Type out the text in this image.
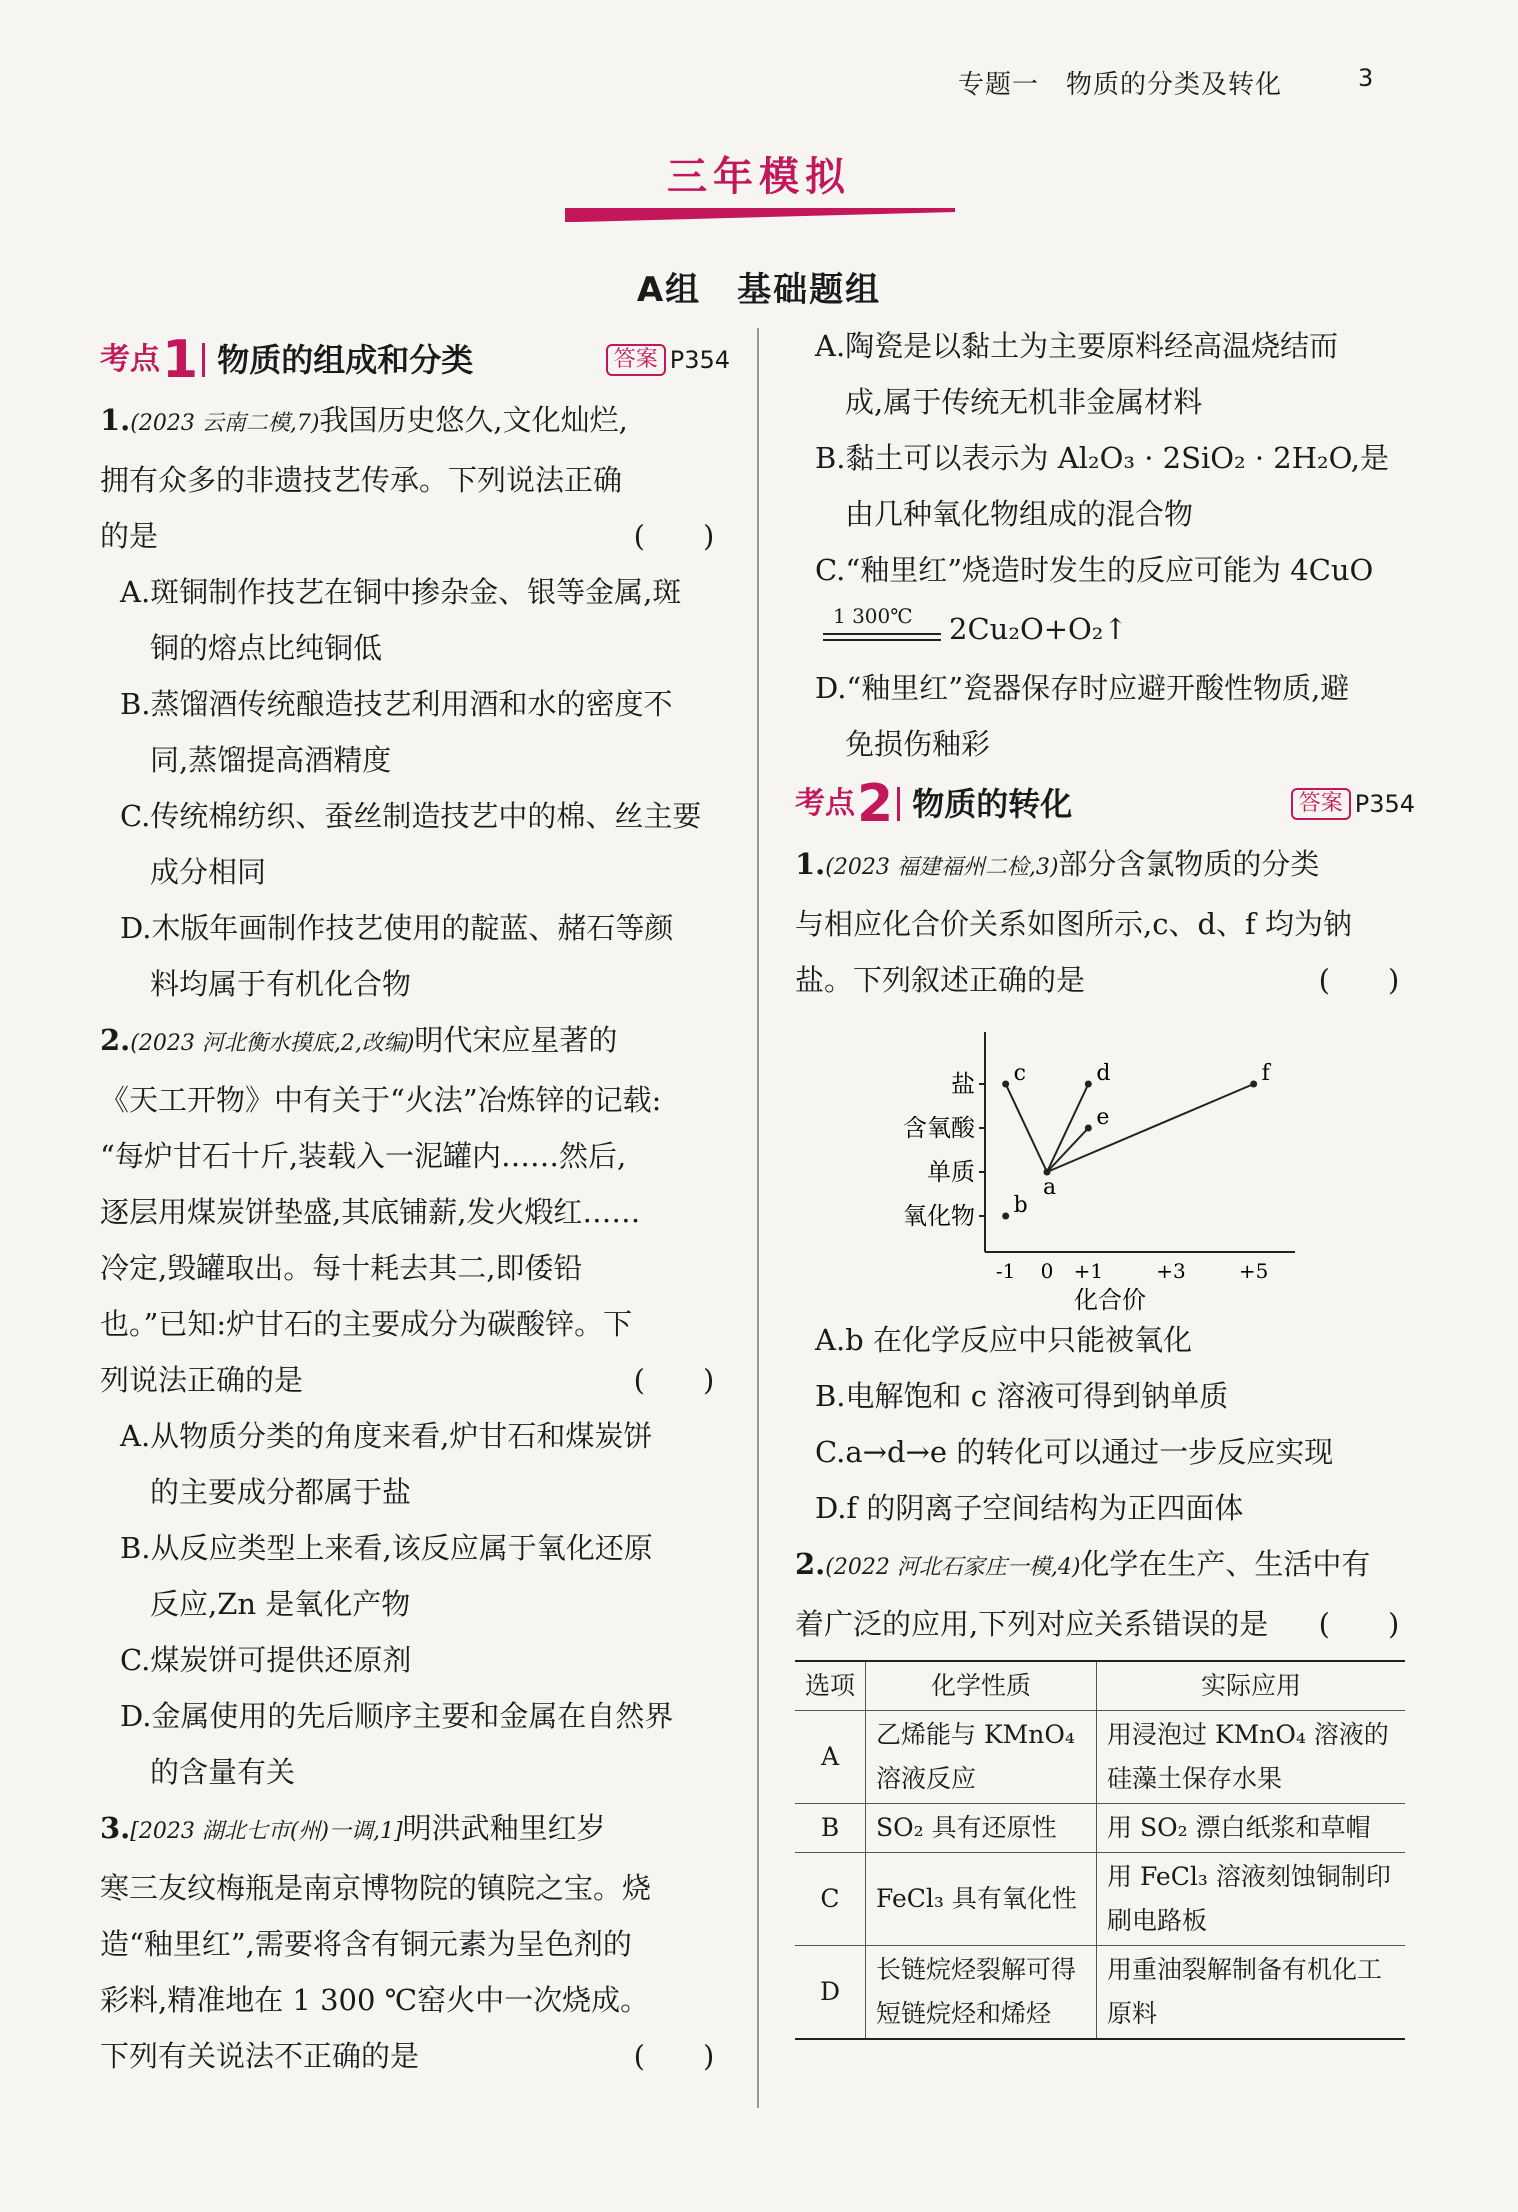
专题一　物质的分类及转化	3
三年模拟
A组　基础题组
考点 1 物质的组成和分类	答案 P354

1.(2023 云南二模,7)我国历史悠久,文化灿烂,

拥有众多的非遗技艺传承。下列说法正确

的是	(　　)

A.斑铜制作技艺在铜中掺杂金、银等金属,斑

铜的熔点比纯铜低

B.蒸馏酒传统酿造技艺利用酒和水的密度不

同,蒸馏提高酒精度

C.传统棉纺织、蚕丝制造技艺中的棉、丝主要

成分相同

D.木版年画制作技艺使用的靛蓝、赭石等颜

料均属于有机化合物

2.(2023 河北衡水摸底,2,改编)明代宋应星著的

《天工开物》中有关于“火法”冶炼锌的记载:

“每炉甘石十斤,装载入一泥罐内……然后,

逐层用煤炭饼垫盛,其底铺薪,发火煅红……

冷定,毁罐取出。每十耗去其二,即倭铅

也。”已知:炉甘石的主要成分为碳酸锌。下

列说法正确的是	(　　)

A.从物质分类的角度来看,炉甘石和煤炭饼

的主要成分都属于盐

B.从反应类型上来看,该反应属于氧化还原

反应,Zn 是氧化产物

C.煤炭饼可提供还原剂

D.金属使用的先后顺序主要和金属在自然界

的含量有关

3.[2023 湖北七市(州)一调,1]明洪武釉里红岁

寒三友纹梅瓶是南京博物院的镇院之宝。烧

造“釉里红”,需要将含有铜元素为呈色剂的

彩料,精准地在 1 300 ℃窑火中一次烧成。

下列有关说法不正确的是	(　　)

A.陶瓷是以黏土为主要原料经高温烧结而

成,属于传统无机非金属材料

B.黏土可以表示为 Al₂O₃ · 2SiO₂ · 2H₂O,是

由几种氧化物组成的混合物

C.“釉里红”烧造时发生的反应可能为 4CuO

1 300℃ 2Cu₂O+O₂↑

D.“釉里红”瓷器保存时应避开酸性物质,避

免损伤釉彩

考点 2 物质的转化	答案 P354

1.(2023 福建福州二检,3)部分含氯物质的分类

与相应化合价关系如图所示,c、d、f 均为钠

盐。下列叙述正确的是	(　　)

氧化物
单质
含氧酸
盐
-1 0 +1	+3	+5
化合价
a
b
c	d
e
f

A.b 在化学反应中只能被氧化

B.电解饱和 c 溶液可得到钠单质

C.a→d→e 的转化可以通过一步反应实现

D.f 的阴离子空间结构为正四面体

2.(2022 河北石家庄一模,4)化学在生产、生活中有

着广泛的应用,下列对应关系错误的是 (　　)

选项	化学性质	实际应用
A	乙烯能与 KMnO₄ 溶液反应	用浸泡过 KMnO₄ 溶液的硅藻土保存水果
B	SO₂ 具有还原性	用 SO₂ 漂白纸浆和草帽
C	FeCl₃ 具有氧化性	用 FeCl₃ 溶液刻蚀铜制印刷电路板
D	长链烷烃裂解可得短链烷烃和烯烃	用重油裂解制备有机化工原料
